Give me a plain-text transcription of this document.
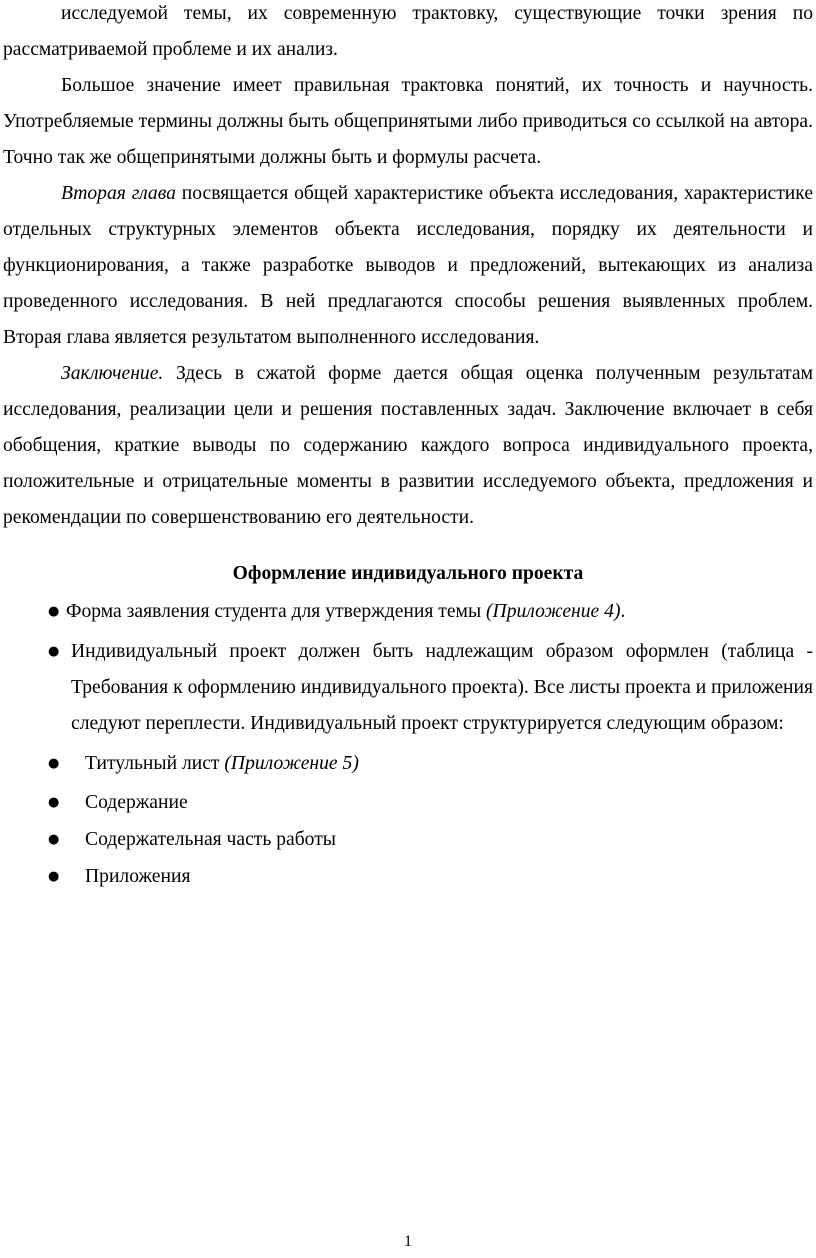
исследуемой темы, их современную трактовку, существующие точки зрения по рассматриваемой проблеме и их анализ.

Большое значение имеет правильная трактовка понятий, их точность и научность. Употребляемые термины должны быть общепринятыми либо приводиться со ссылкой на автора. Точно так же общепринятыми должны быть и формулы расчета.

Вторая глава посвящается общей характеристике объекта исследования, характеристике отдельных структурных элементов объекта исследования, порядку их деятельности и функционирования, а также разработке выводов и предложений, вытекающих из анализа проведенного исследования. В ней предлагаются способы решения выявленных проблем. Вторая глава является результатом выполненного исследования.

Заключение. Здесь в сжатой форме дается общая оценка полученным результатам исследования, реализации цели и решения поставленных задач. Заключение включает в себя обобщения, краткие выводы по содержанию каждого вопроса индивидуального проекта, положительные и отрицательные моменты в развитии исследуемого объекта, предложения и рекомендации по совершенствованию его деятельности.

Оформление индивидуального проекта
● Форма заявления студента для утверждения темы (Приложение 4).
● Индивидуальный проект должен быть надлежащим образом оформлен (таблица - Требования к оформлению индивидуального проекта). Все листы проекта и приложения следуют переплести. Индивидуальный проект структурируется следующим образом:
● Титульный лист (Приложение 5)
● Содержание
● Содержательная часть работы
● Приложения
1
